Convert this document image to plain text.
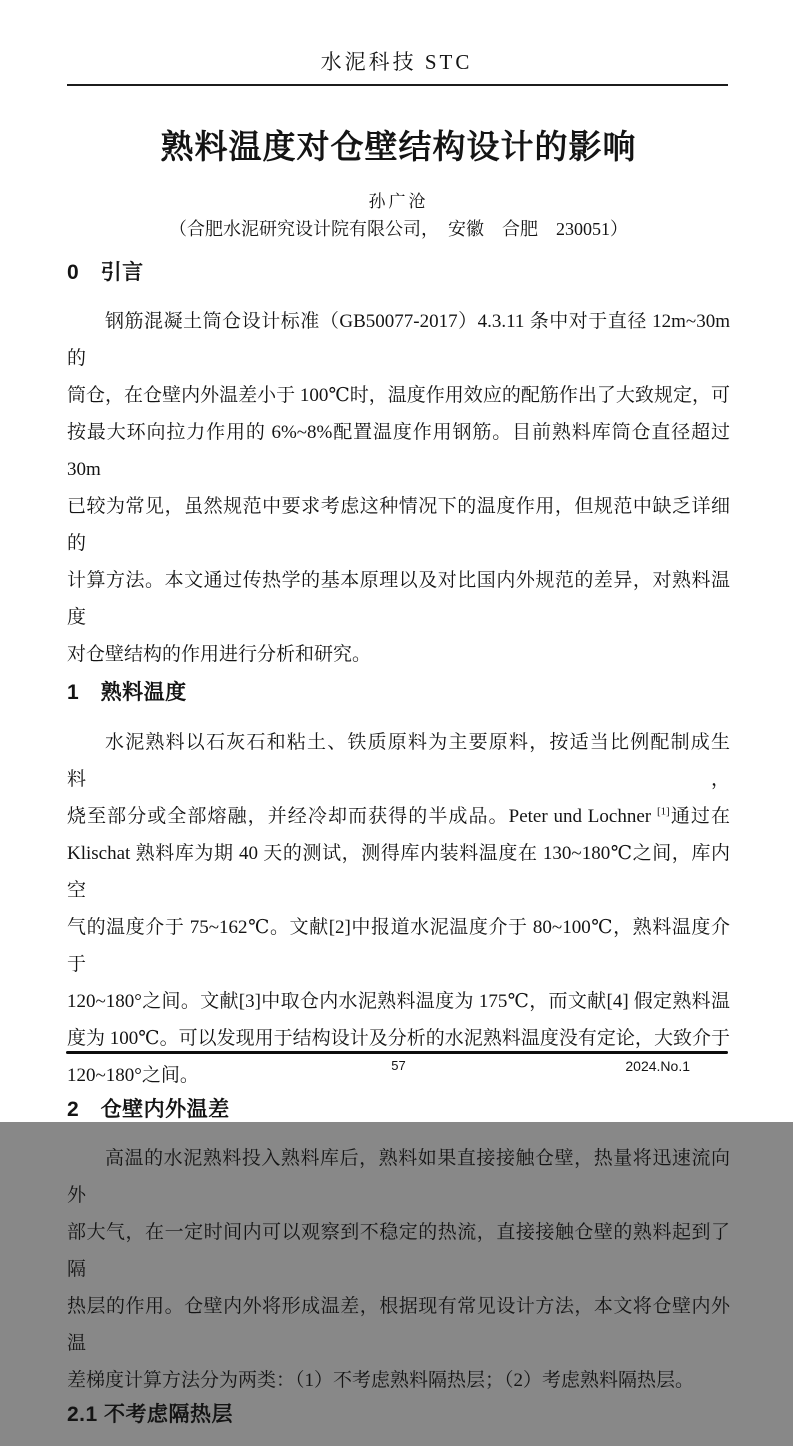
水泥科技 STC
熟料温度对仓壁结构设计的影响
孙广沧
（合肥水泥研究设计院有限公司，　安徽　合肥　230051）
0　引言
钢筋混凝土筒仓设计标准（GB50077-2017）4.3.11 条中对于直径 12m~30m 的
筒仓，在仓壁内外温差小于 100℃时，温度作用效应的配筋作出了大致规定，可
按最大环向拉力作用的 6%~8%配置温度作用钢筋。目前熟料库筒仓直径超过 30m
已较为常见，虽然规范中要求考虑这种情况下的温度作用，但规范中缺乏详细的
计算方法。本文通过传热学的基本原理以及对比国内外规范的差异，对熟料温度
对仓壁结构的作用进行分析和研究。
1　熟料温度
水泥熟料以石灰石和粘土、铁质原料为主要原料，按适当比例配制成生料，
烧至部分或全部熔融，并经冷却而获得的半成品。Peter und Lochner [1]通过在
Klischat 熟料库为期 40 天的测试，测得库内装料温度在 130~180℃之间，库内空
气的温度介于 75~162℃。文献[2]中报道水泥温度介于 80~100℃，熟料温度介于
120~180°之间。文献[3]中取仓内水泥熟料温度为 175℃，而文献[4] 假定熟料温
度为 100℃。可以发现用于结构设计及分析的水泥熟料温度没有定论，大致介于
120~180°之间。
2　仓壁内外温差
高温的水泥熟料投入熟料库后，熟料如果直接接触仓壁，热量将迅速流向外
部大气，在一定时间内可以观察到不稳定的热流，直接接触仓壁的熟料起到了隔
热层的作用。仓壁内外将形成温差，根据现有常见设计方法，本文将仓壁内外温
差梯度计算方法分为两类：（1）不考虑熟料隔热层；（2）考虑熟料隔热层。
2.1 不考虑隔热层
57	2024.No.1
